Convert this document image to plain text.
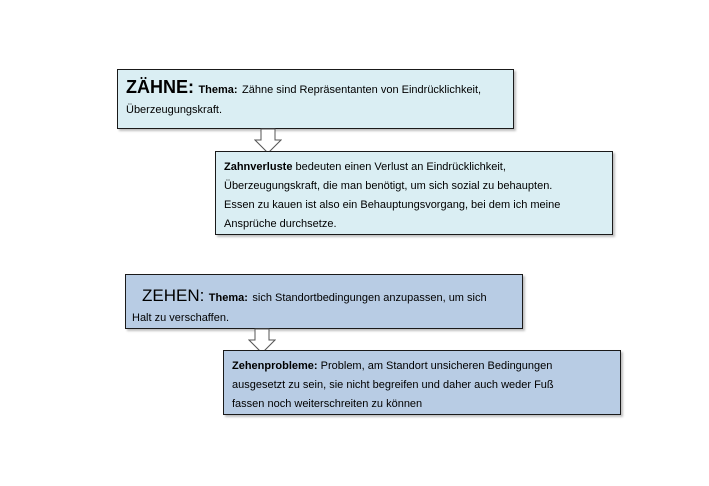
ZÄHNE: Thema: Zähne sind Repräsentanten von Eindrücklichkeit,
Überzeugungskraft.
Zahnverluste bedeuten einen Verlust an Eindrücklichkeit,
Überzeugungskraft, die man benötigt, um sich sozial zu behaupten.
Essen zu kauen ist also ein Behauptungsvorgang, bei dem ich meine
Ansprüche durchsetze.
ZEHEN: Thema: sich Standortbedingungen anzupassen, um sich
Halt zu verschaffen.
Zehenprobleme: Problem, am Standort unsicheren Bedingungen
ausgesetzt zu sein, sie nicht begreifen und daher auch weder Fuß
fassen noch weiterschreiten zu können
